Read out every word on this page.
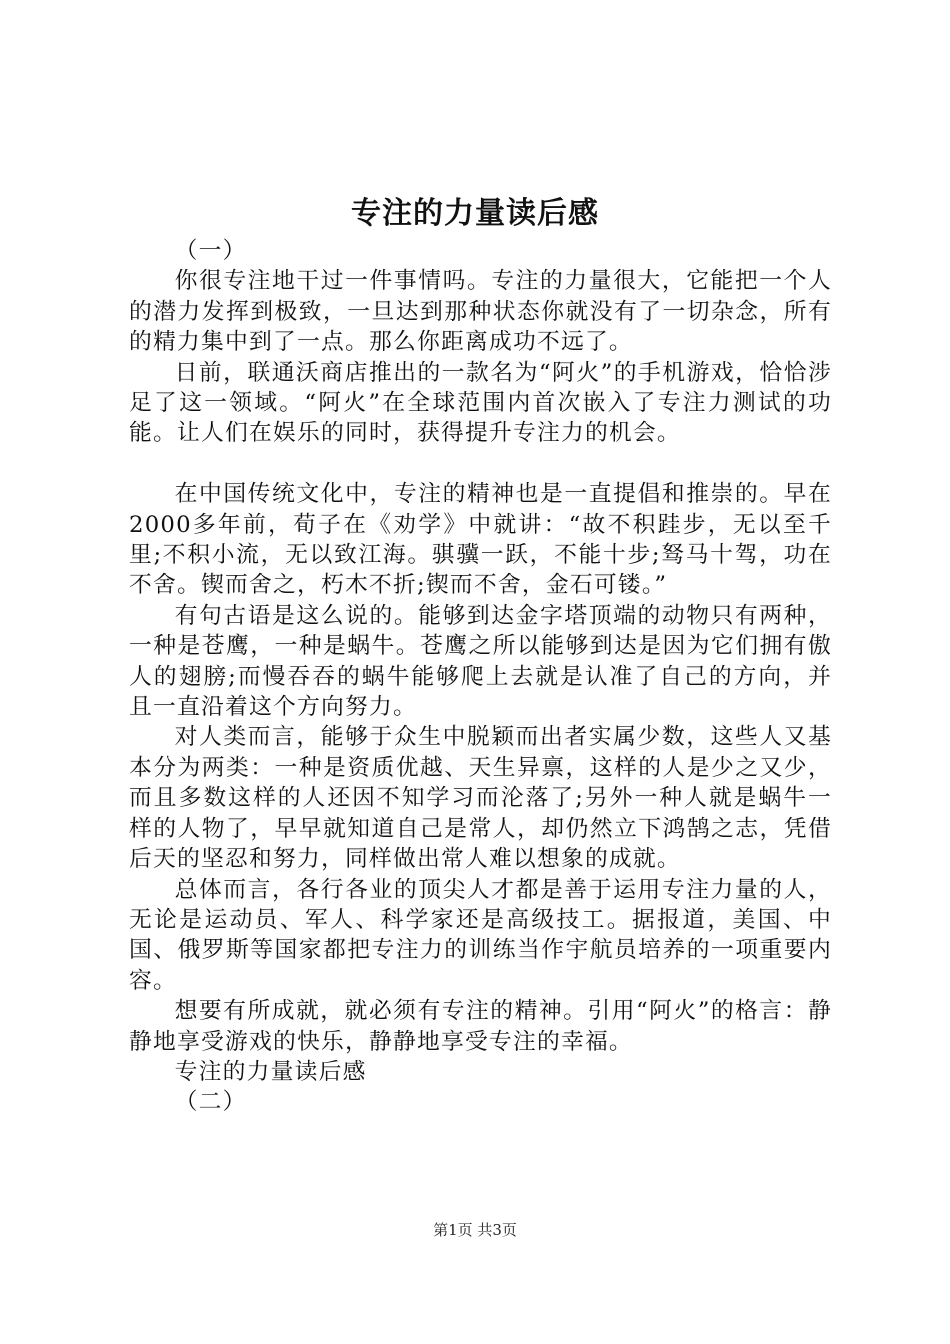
专注的力量读后感

（一）

你很专注地干过一件事情吗。专注的力量很大，它能把一个人的潜力发挥到极致，一旦达到那种状态你就没有了一切杂念，所有的精力集中到了一点。那么你距离成功不远了。

日前，联通沃商店推出的一款名为“阿火”的手机游戏，恰恰涉足了这一领域。“阿火”在全球范围内首次嵌入了专注力测试的功能。让人们在娱乐的同时，获得提升专注力的机会。

在中国传统文化中，专注的精神也是一直提倡和推崇的。早在2000多年前，荀子在《劝学》中就讲：“故不积跬步，无以至千里;不积小流，无以致江海。骐骥一跃，不能十步;驽马十驾，功在不舍。锲而舍之，朽木不折;锲而不舍，金石可镂。”

有句古语是这么说的。能够到达金字塔顶端的动物只有两种，一种是苍鹰，一种是蜗牛。苍鹰之所以能够到达是因为它们拥有傲人的翅膀;而慢吞吞的蜗牛能够爬上去就是认准了自己的方向，并且一直沿着这个方向努力。

对人类而言，能够于众生中脱颖而出者实属少数，这些人又基本分为两类：一种是资质优越、天生异禀，这样的人是少之又少，而且多数这样的人还因不知学习而沦落了;另外一种人就是蜗牛一样的人物了，早早就知道自己是常人，却仍然立下鸿鹄之志，凭借后天的坚忍和努力，同样做出常人难以想象的成就。

总体而言，各行各业的顶尖人才都是善于运用专注力量的人，无论是运动员、军人、科学家还是高级技工。据报道，美国、中国、俄罗斯等国家都把专注力的训练当作宇航员培养的一项重要内容。

想要有所成就，就必须有专注的精神。引用“阿火”的格言：静静地享受游戏的快乐，静静地享受专注的幸福。

专注的力量读后感

（二）

第1页 共3页
